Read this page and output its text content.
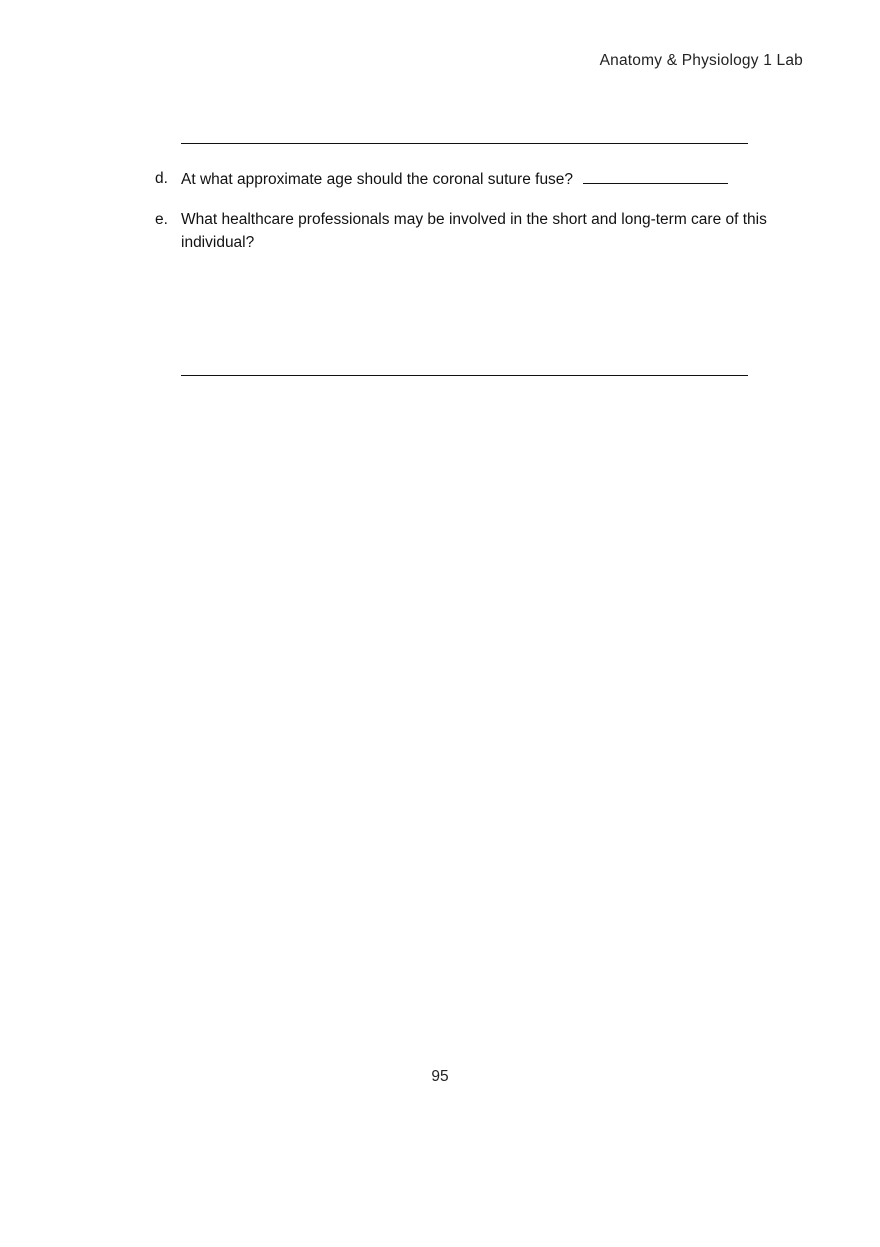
Anatomy & Physiology 1 Lab
d. At what approximate age should the coronal suture fuse?
e. What healthcare professionals may be involved in the short and long-term care of this individual?
95
